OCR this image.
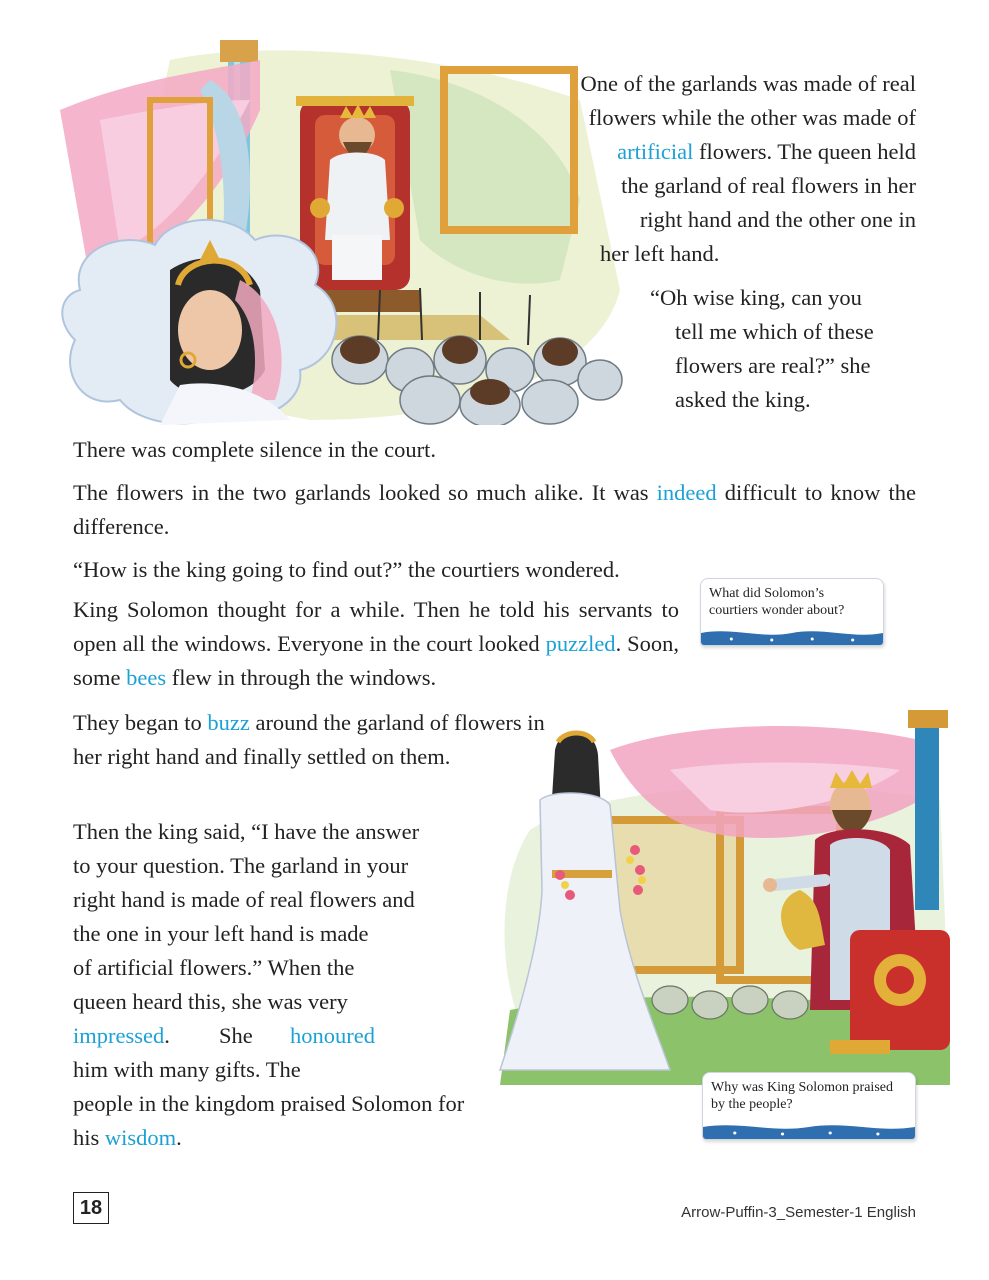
One of the garlands was made of real
flowers while the other was made of
artificial flowers. The queen held
the garland of real flowers in her
right hand and the other one in
her left hand.
“Oh wise king, can you
tell me which of these
flowers are real?” she
asked the king.

There was complete silence in the court.

The flowers in the two garlands looked so much alike. It was indeed difficult to know the difference.

“How is the king going to find out?” the courtiers wondered.

King Solomon thought for a while. Then he told his servants to open all the windows. Everyone in the court looked puzzled. Soon, some bees flew in through the windows.

What did Solomon’s courtiers wonder about?

They began to buzz around the garland of flowers in her right hand and finally settled on them.

Then the king said, “I have the answer
to your question. The garland in your
right hand is made of real flowers and
the one in your left hand is made
of artificial flowers.” When the
queen heard this, she was very
impressed. She honoured
him with many gifts. The
people in the kingdom praised Solomon for
his wisdom.
Why was King Solomon praised by the people?
18	Arrow-Puffin-3_Semester-1 English
